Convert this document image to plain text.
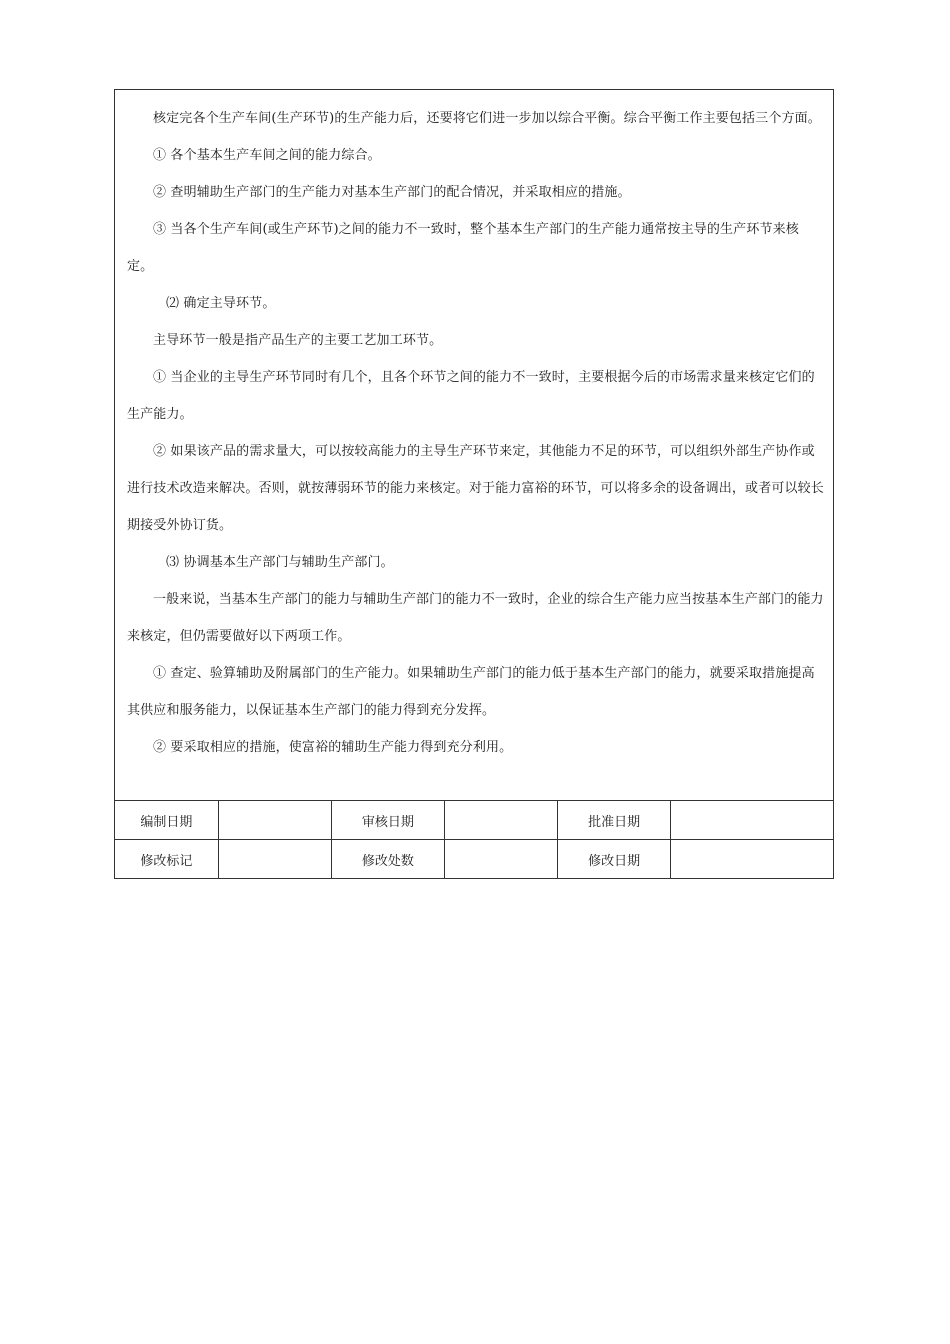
核定完各个生产车间(生产环节)的生产能力后，还要将它们进一步加以综合平衡。综合平衡工作主要包括三个方面。

① 各个基本生产车间之间的能力综合。

② 查明辅助生产部门的生产能力对基本生产部门的配合情况，并采取相应的措施。

③ 当各个生产车间(或生产环节)之间的能力不一致时，整个基本生产部门的生产能力通常按主导的生产环节来核定。

⑵ 确定主导环节。

主导环节一般是指产品生产的主要工艺加工环节。

① 当企业的主导生产环节同时有几个，且各个环节之间的能力不一致时，主要根据今后的市场需求量来核定它们的生产能力。

② 如果该产品的需求量大，可以按较高能力的主导生产环节来定，其他能力不足的环节，可以组织外部生产协作或进行技术改造来解决。否则，就按薄弱环节的能力来核定。对于能力富裕的环节，可以将多余的设备调出，或者可以较长期接受外协订货。

⑶ 协调基本生产部门与辅助生产部门。

一般来说，当基本生产部门的能力与辅助生产部门的能力不一致时，企业的综合生产能力应当按基本生产部门的能力来核定，但仍需要做好以下两项工作。

① 查定、验算辅助及附属部门的生产能力。如果辅助生产部门的能力低于基本生产部门的能力，就要采取措施提高其供应和服务能力，以保证基本生产部门的能力得到充分发挥。

② 要采取相应的措施，使富裕的辅助生产能力得到充分利用。

编制日期		审核日期		批准日期	
修改标记		修改处数		修改日期	
